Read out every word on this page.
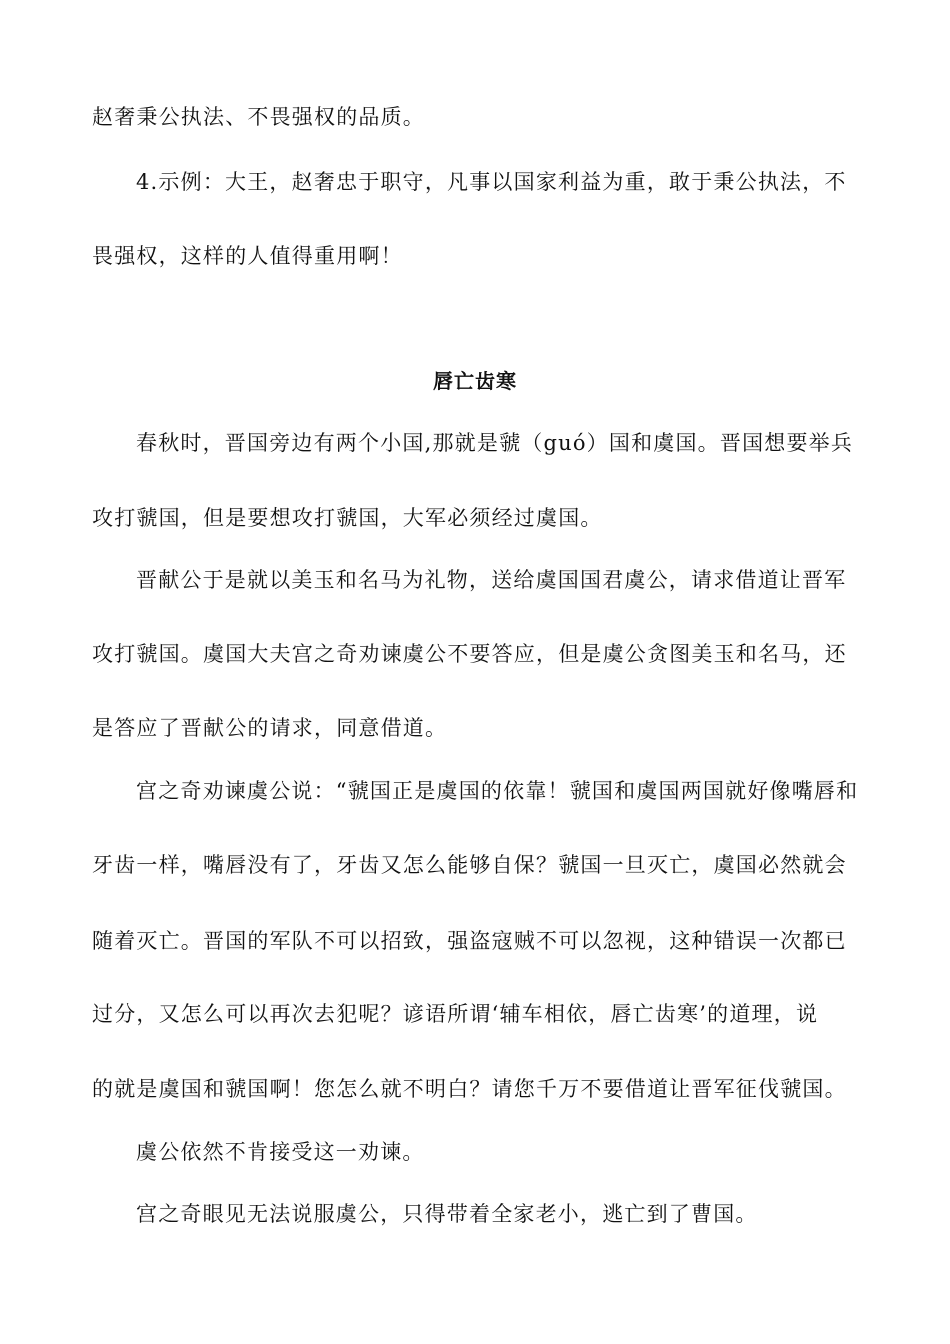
赵奢秉公执法、不畏强权的品质。

4.示例：大王，赵奢忠于职守，凡事以国家利益为重，敢于秉公执法，不

畏强权，这样的人值得重用啊！

唇亡齿寒

春秋时，晋国旁边有两个小国,那就是虢（guó）国和虞国。晋国想要举兵

攻打虢国，但是要想攻打虢国，大军必须经过虞国。

晋献公于是就以美玉和名马为礼物，送给虞国国君虞公，请求借道让晋军

攻打虢国。虞国大夫宫之奇劝谏虞公不要答应，但是虞公贪图美玉和名马，还

是答应了晋献公的请求，同意借道。

宫之奇劝谏虞公说：“虢国正是虞国的依靠！虢国和虞国两国就好像嘴唇和

牙齿一样，嘴唇没有了，牙齿又怎么能够自保？虢国一旦灭亡，虞国必然就会

随着灭亡。晋国的军队不可以招致，强盗寇贼不可以忽视，这种错误一次都已

过分，又怎么可以再次去犯呢？谚语所谓‘辅车相依，唇亡齿寒’的道理，说

的就是虞国和虢国啊！您怎么就不明白？请您千万不要借道让晋军征伐虢国。

虞公依然不肯接受这一劝谏。

宫之奇眼见无法说服虞公，只得带着全家老小，逃亡到了曹国。
